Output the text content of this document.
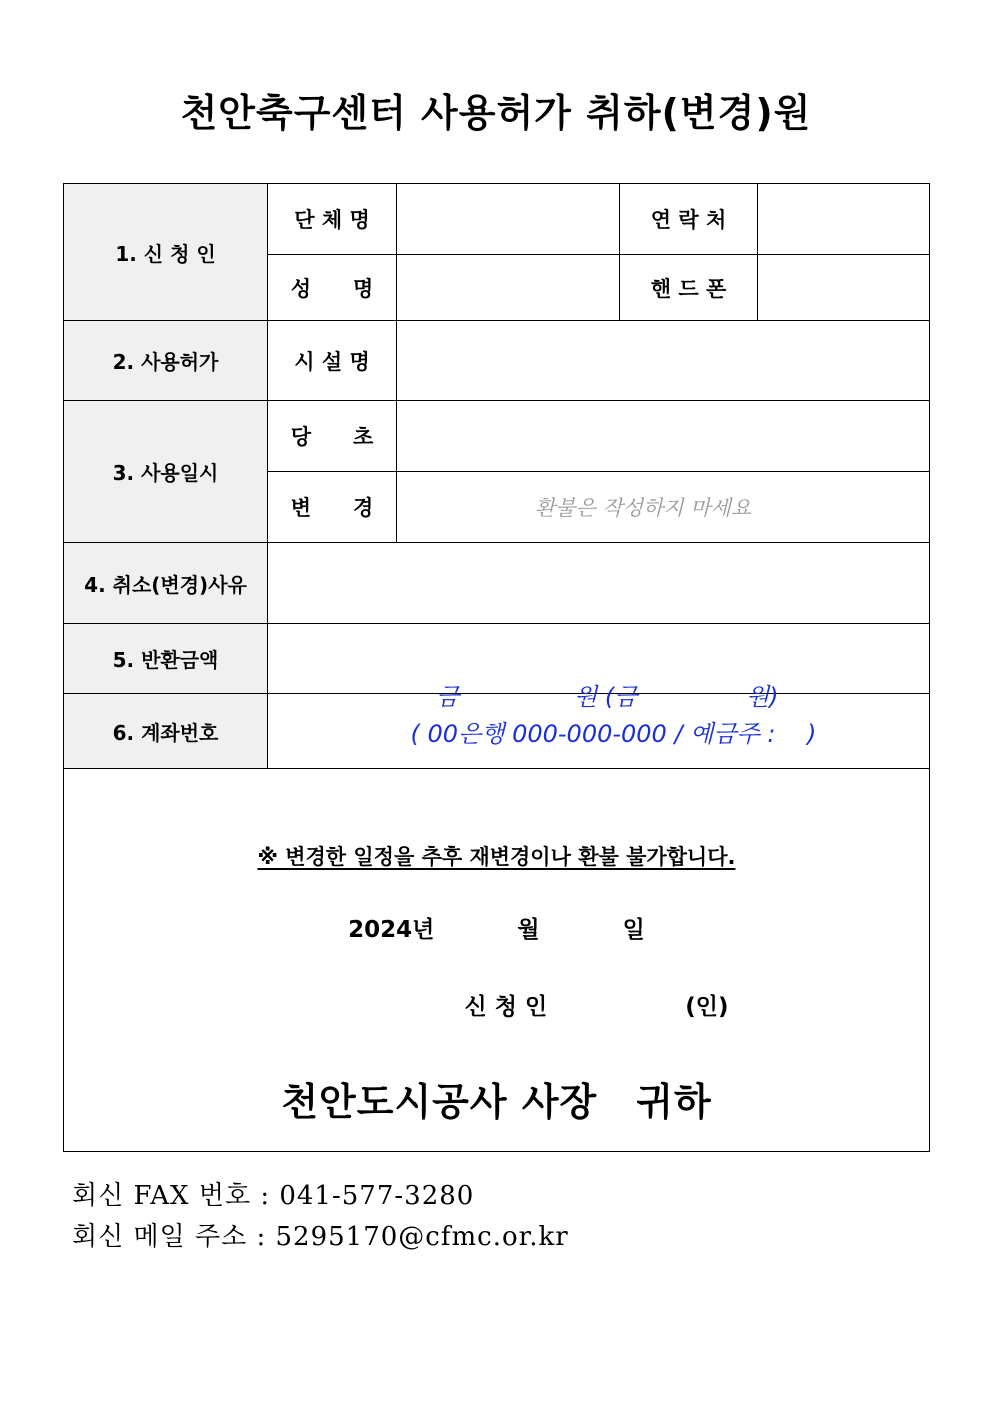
천안축구센터 사용허가 취하(변경)원
1. 신 청 인	단 체 명		연 락 처	
	성　　명		핸 드 폰	
2. 사용허가	시 설 명			
3. 사용일시	당　　초			
	변　　경	환불은 작성하지 마세요		
4. 취소(변경)사유				
5. 반환금액	금 원 (금 원)			

6. 계좌번호	( 00은행 000-000-000 / 예금주 :　 )			
※ 변경한 일정을 추후 재변경이나 환불 불가합니다.
2024년 월 일
신 청 인 (인)
천안도시공사 사장　귀하				
회신 FAX 번호 : 041-577-3280
회신 메일 주소 : 5295170@cfmc.or.kr
